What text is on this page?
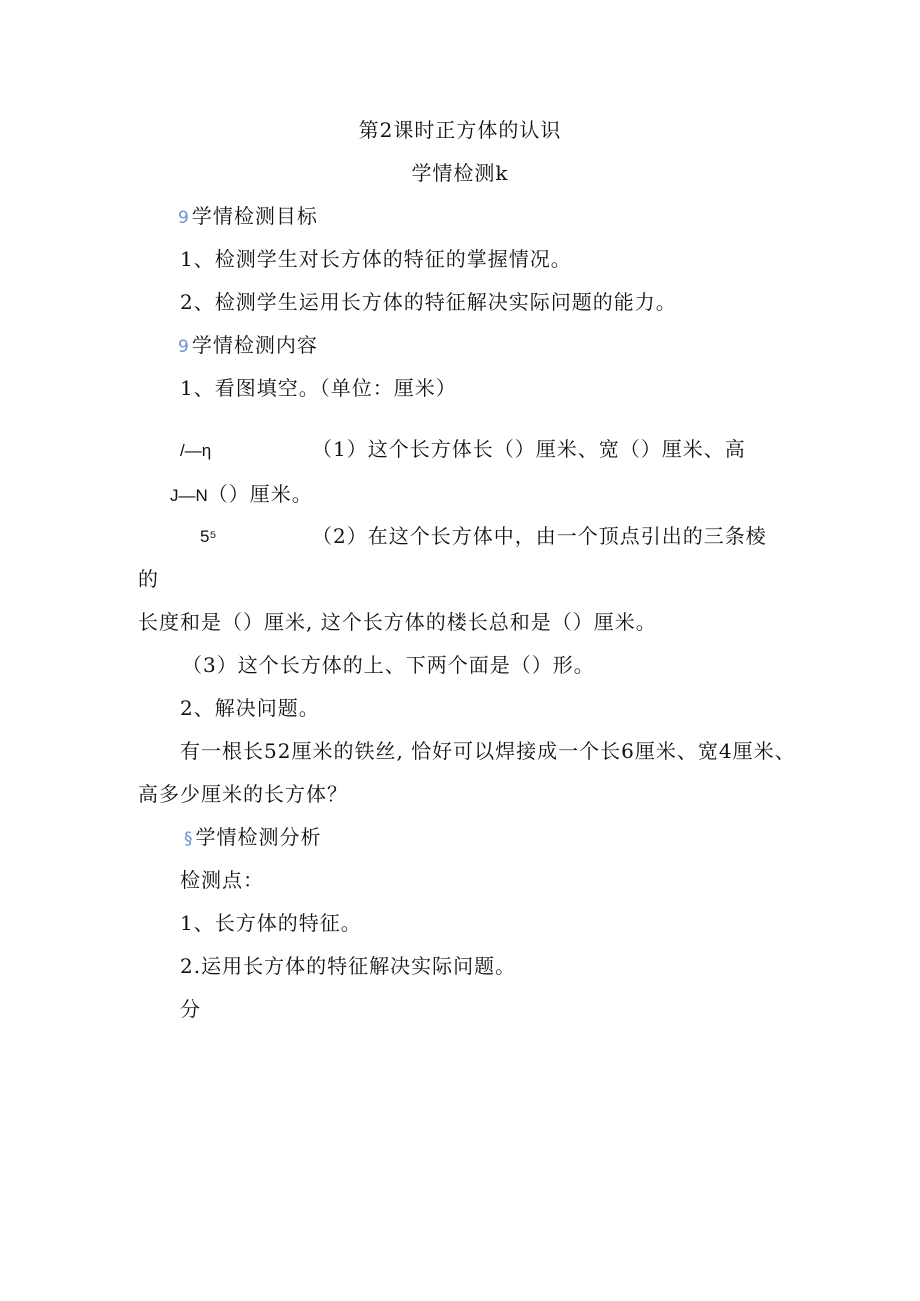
第2课时正方体的认识
学情检测k
9 学情检测目标
1、检测学生对长方体的特征的掌握情况。
2、检测学生运用长方体的特征解决实际问题的能力。
9 学情检测内容
1、看图填空。（单位：厘米）
/—η	（1）这个长方体长（）厘米、宽（）厘米、高
J—N（）厘米。
5⁵	（2）在这个长方体中，由一个顶点引出的三条棱
的
长度和是（）厘米, 这个长方体的楼长总和是（）厘米。
（3）这个长方体的上、下两个面是（）形。
2、解决问题。
有一根长52厘米的铁丝, 恰好可以焊接成一个长6厘米、宽4厘米、
高多少厘米的长方体？
§ 学情检测分析
检测点：
1、长方体的特征。
2.运用长方体的特征解决实际问题。
分
